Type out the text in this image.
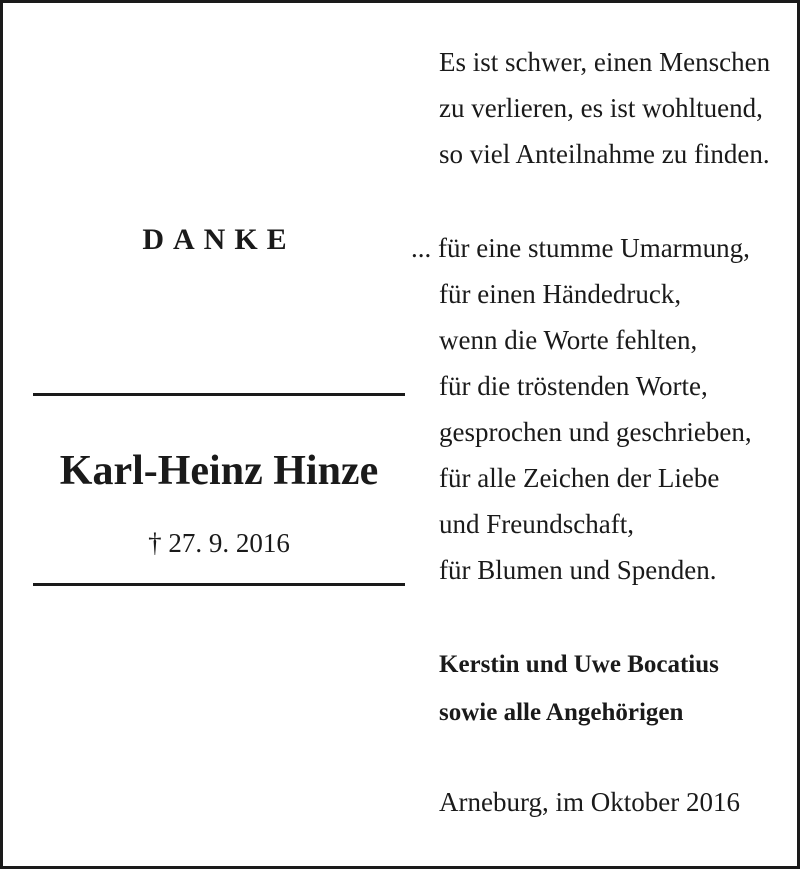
DANKE
Karl-Heinz Hinze
† 27. 9. 2016
Es ist schwer, einen Menschen
zu verlieren, es ist wohltuend,
so viel Anteilnahme zu finden.
... für eine stumme Umarmung,
für einen Händedruck,
wenn die Worte fehlten,
für die tröstenden Worte,
gesprochen und geschrieben,
für alle Zeichen der Liebe
und Freundschaft,
für Blumen und Spenden.
Kerstin und Uwe Bocatius
sowie alle Angehörigen
Arneburg, im Oktober 2016
